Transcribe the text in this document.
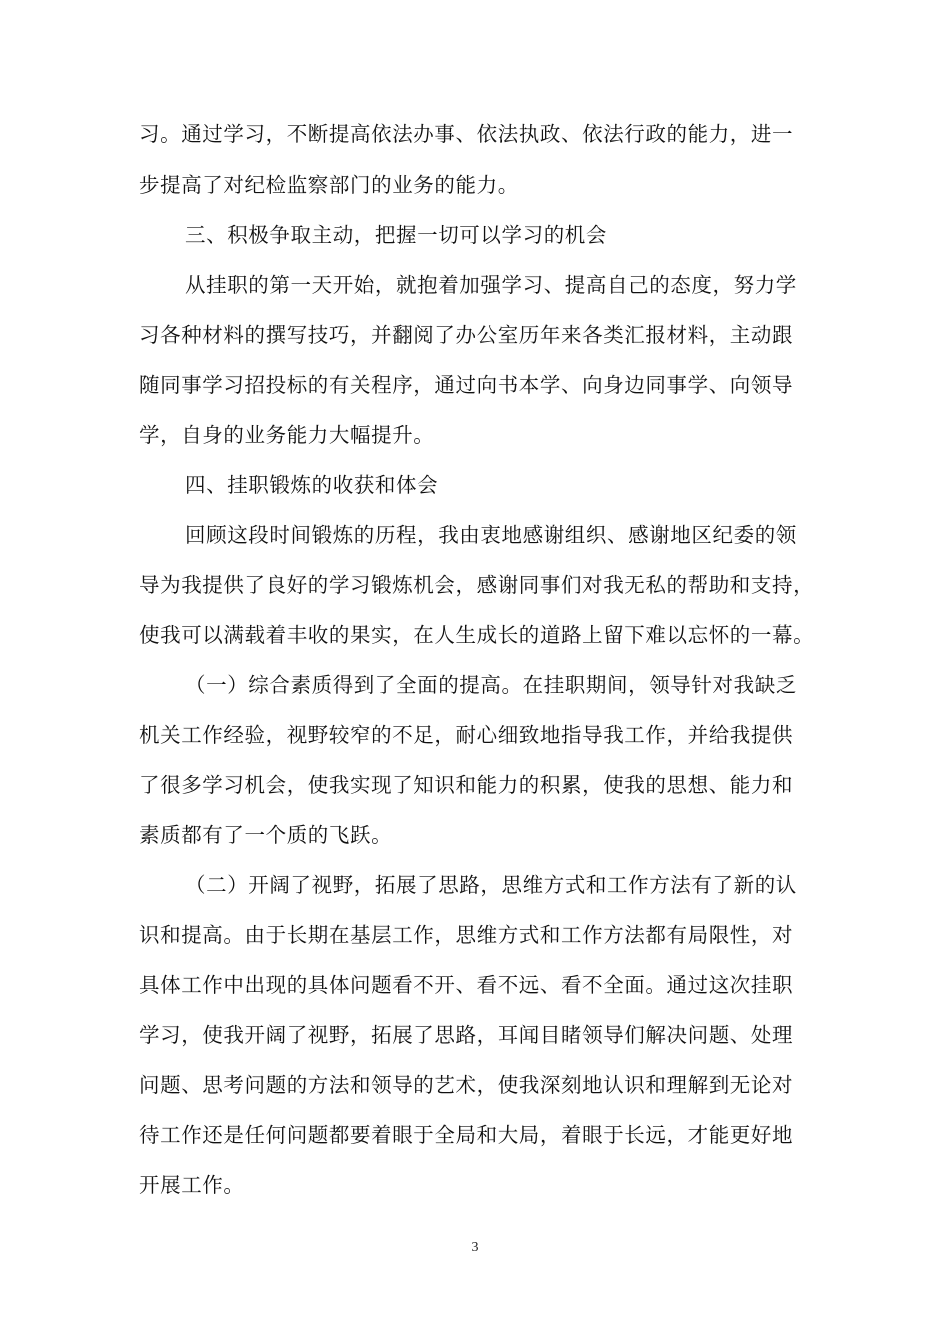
习。通过学习，不断提高依法办事、依法执政、依法行政的能力，进一
步提高了对纪检监察部门的业务的能力。
三、积极争取主动，把握一切可以学习的机会
从挂职的第一天开始，就抱着加强学习、提高自己的态度，努力学
习各种材料的撰写技巧，并翻阅了办公室历年来各类汇报材料，主动跟
随同事学习招投标的有关程序，通过向书本学、向身边同事学、向领导
学，自身的业务能力大幅提升。
四、挂职锻炼的收获和体会
回顾这段时间锻炼的历程，我由衷地感谢组织、感谢地区纪委的领
导为我提供了良好的学习锻炼机会，感谢同事们对我无私的帮助和支持，
使我可以满载着丰收的果实，在人生成长的道路上留下难以忘怀的一幕。
（一）综合素质得到了全面的提高。在挂职期间，领导针对我缺乏
机关工作经验，视野较窄的不足，耐心细致地指导我工作，并给我提供
了很多学习机会，使我实现了知识和能力的积累，使我的思想、能力和
素质都有了一个质的飞跃。
（二）开阔了视野，拓展了思路，思维方式和工作方法有了新的认
识和提高。由于长期在基层工作，思维方式和工作方法都有局限性，对
具体工作中出现的具体问题看不开、看不远、看不全面。通过这次挂职
学习，使我开阔了视野，拓展了思路，耳闻目睹领导们解决问题、处理
问题、思考问题的方法和领导的艺术，使我深刻地认识和理解到无论对
待工作还是任何问题都要着眼于全局和大局，着眼于长远，才能更好地
开展工作。
3
